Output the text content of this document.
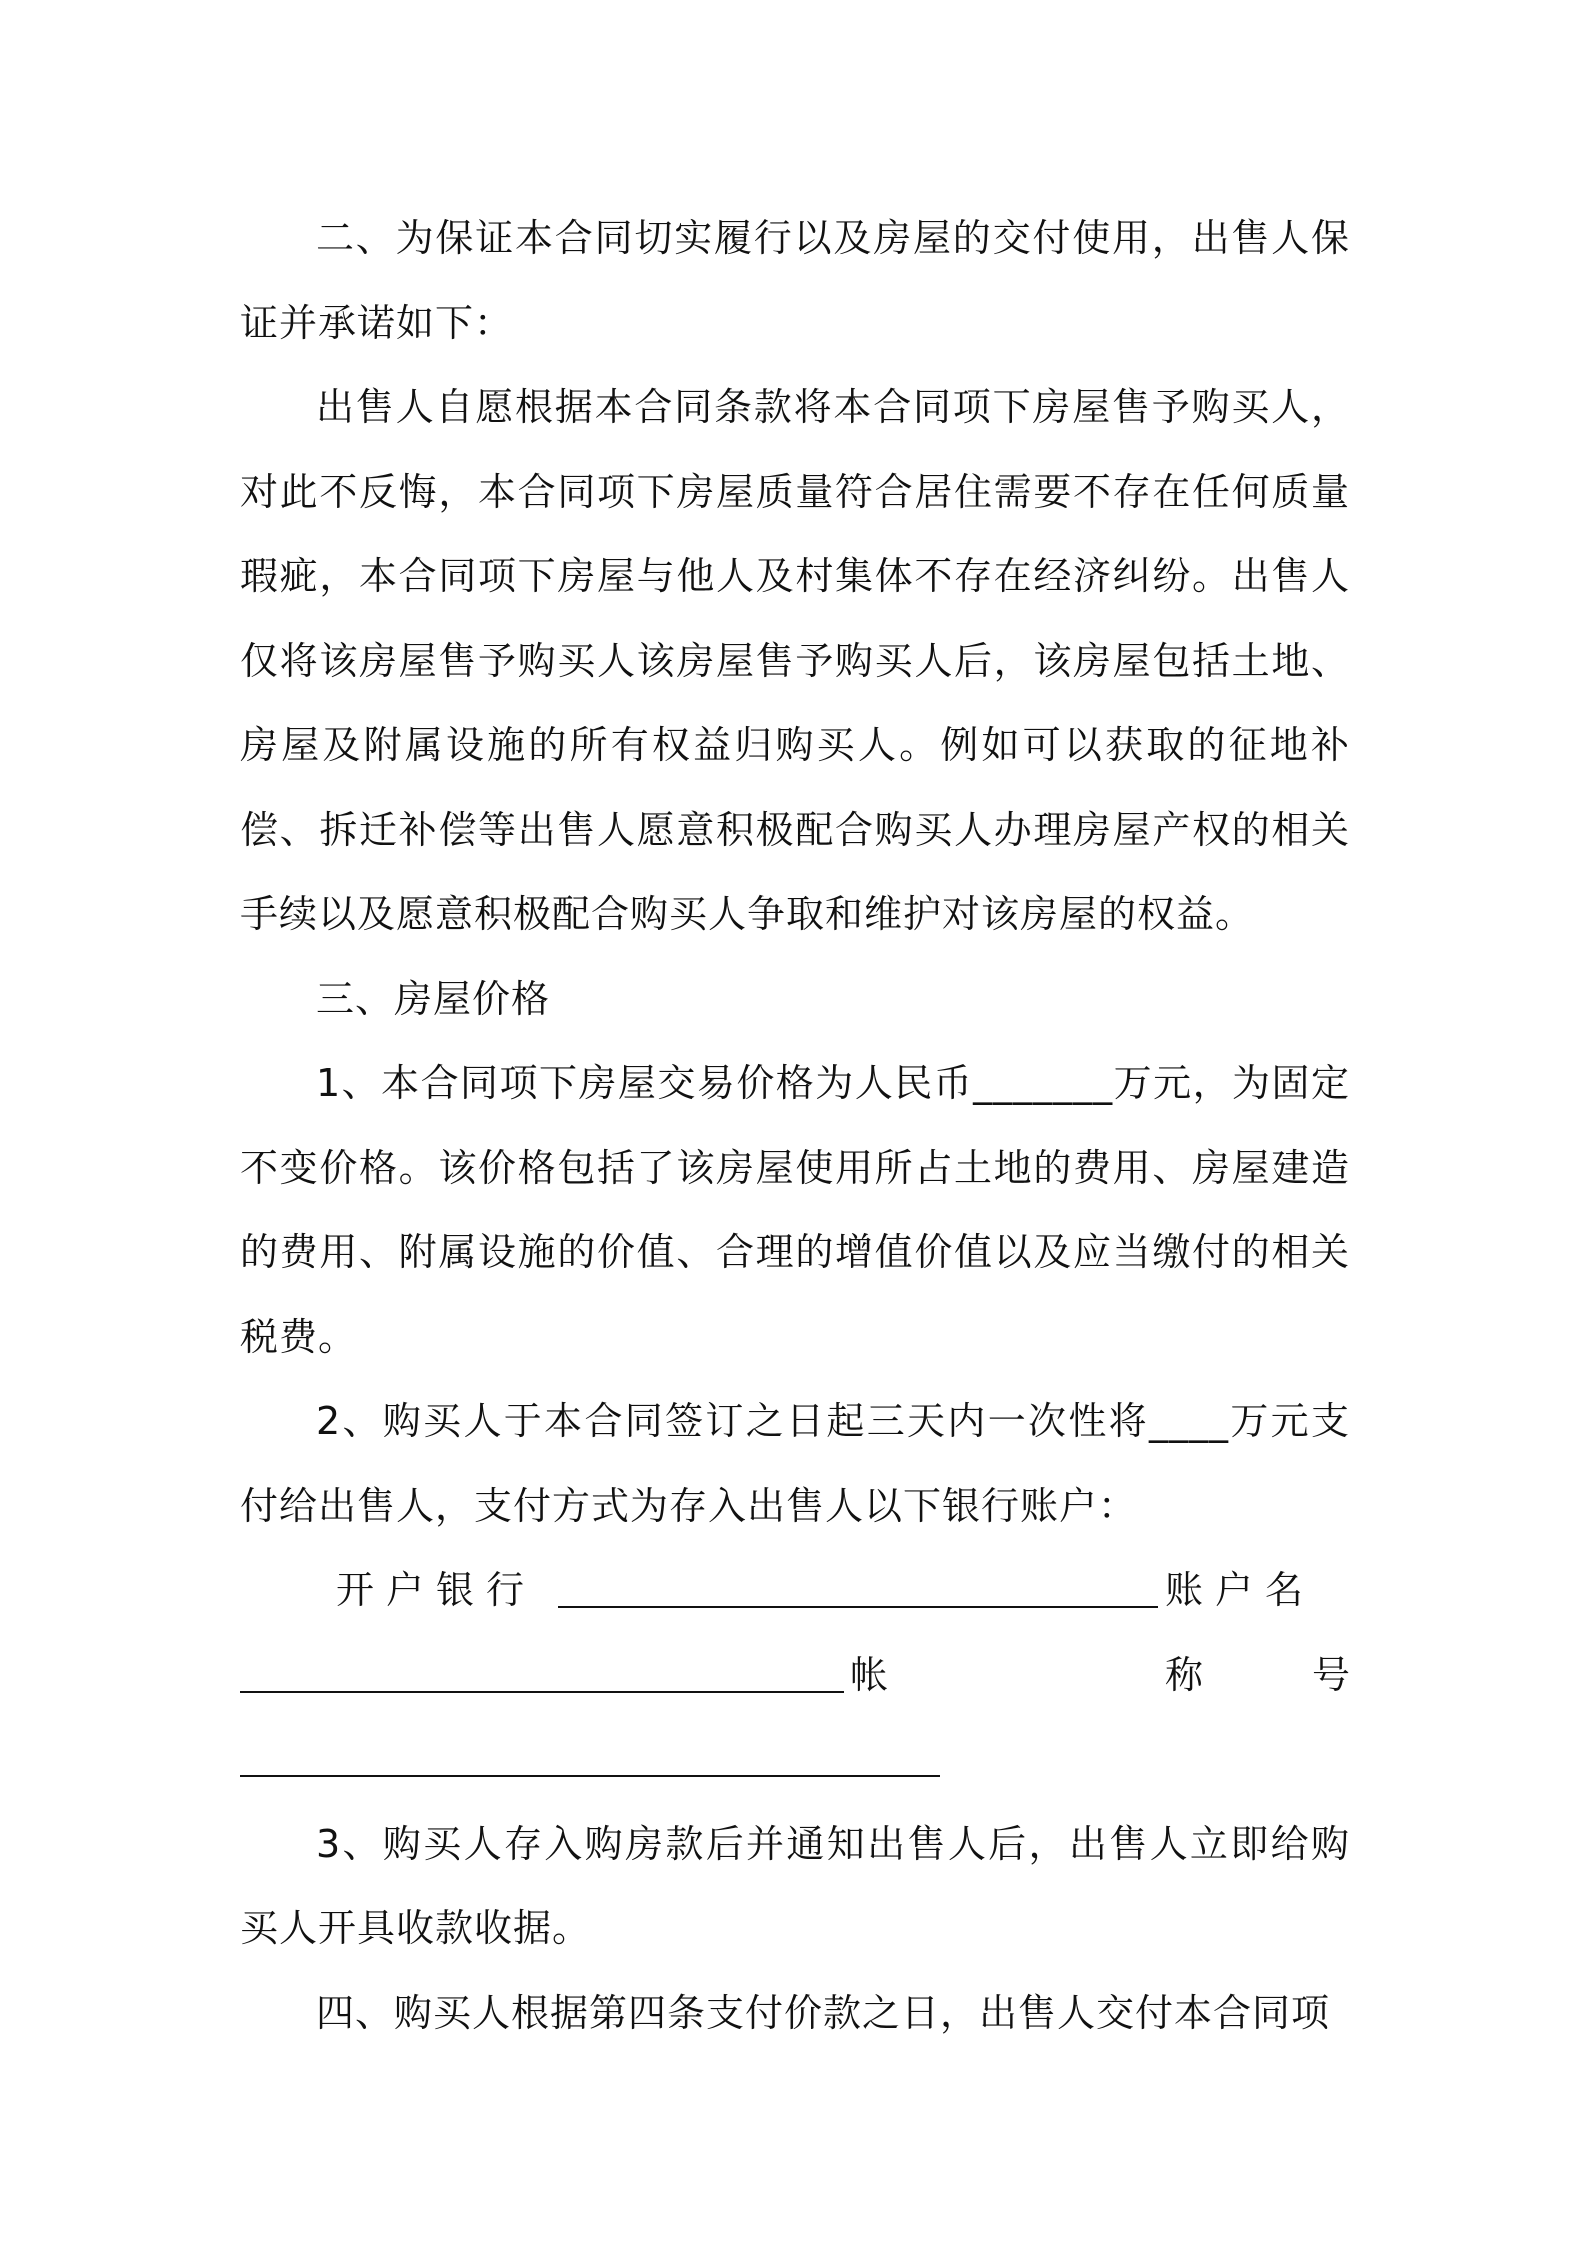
二、为保证本合同切实履行以及房屋的交付使用，出售人保证并承诺如下：

出售人自愿根据本合同条款将本合同项下房屋售予购买人，对此不反悔，本合同项下房屋质量符合居住需要不存在任何质量瑕疵，本合同项下房屋与他人及村集体不存在经济纠纷。出售人仅将该房屋售予购买人该房屋售予购买人后，该房屋包括土地、房屋及附属设施的所有权益归购买人。例如可以获取的征地补偿、拆迁补偿等出售人愿意积极配合购买人办理房屋产权的相关手续以及愿意积极配合购买人争取和维护对该房屋的权益。

三、房屋价格

1、本合同项下房屋交易价格为人民币_______万元，为固定不变价格。该价格包括了该房屋使用所占土地的费用、房屋建造的费用、附属设施的价值、合理的增值价值以及应当缴付的相关税费。

2、购买人于本合同签订之日起三天内一次性将____万元支付给出售人，支付方式为存入出售人以下银行账户：

开户银行	账户名称
帐	号

3、购买人存入购房款后并通知出售人后，出售人立即给购买人开具收款收据。

四、购买人根据第四条支付价款之日，出售人交付本合同项
